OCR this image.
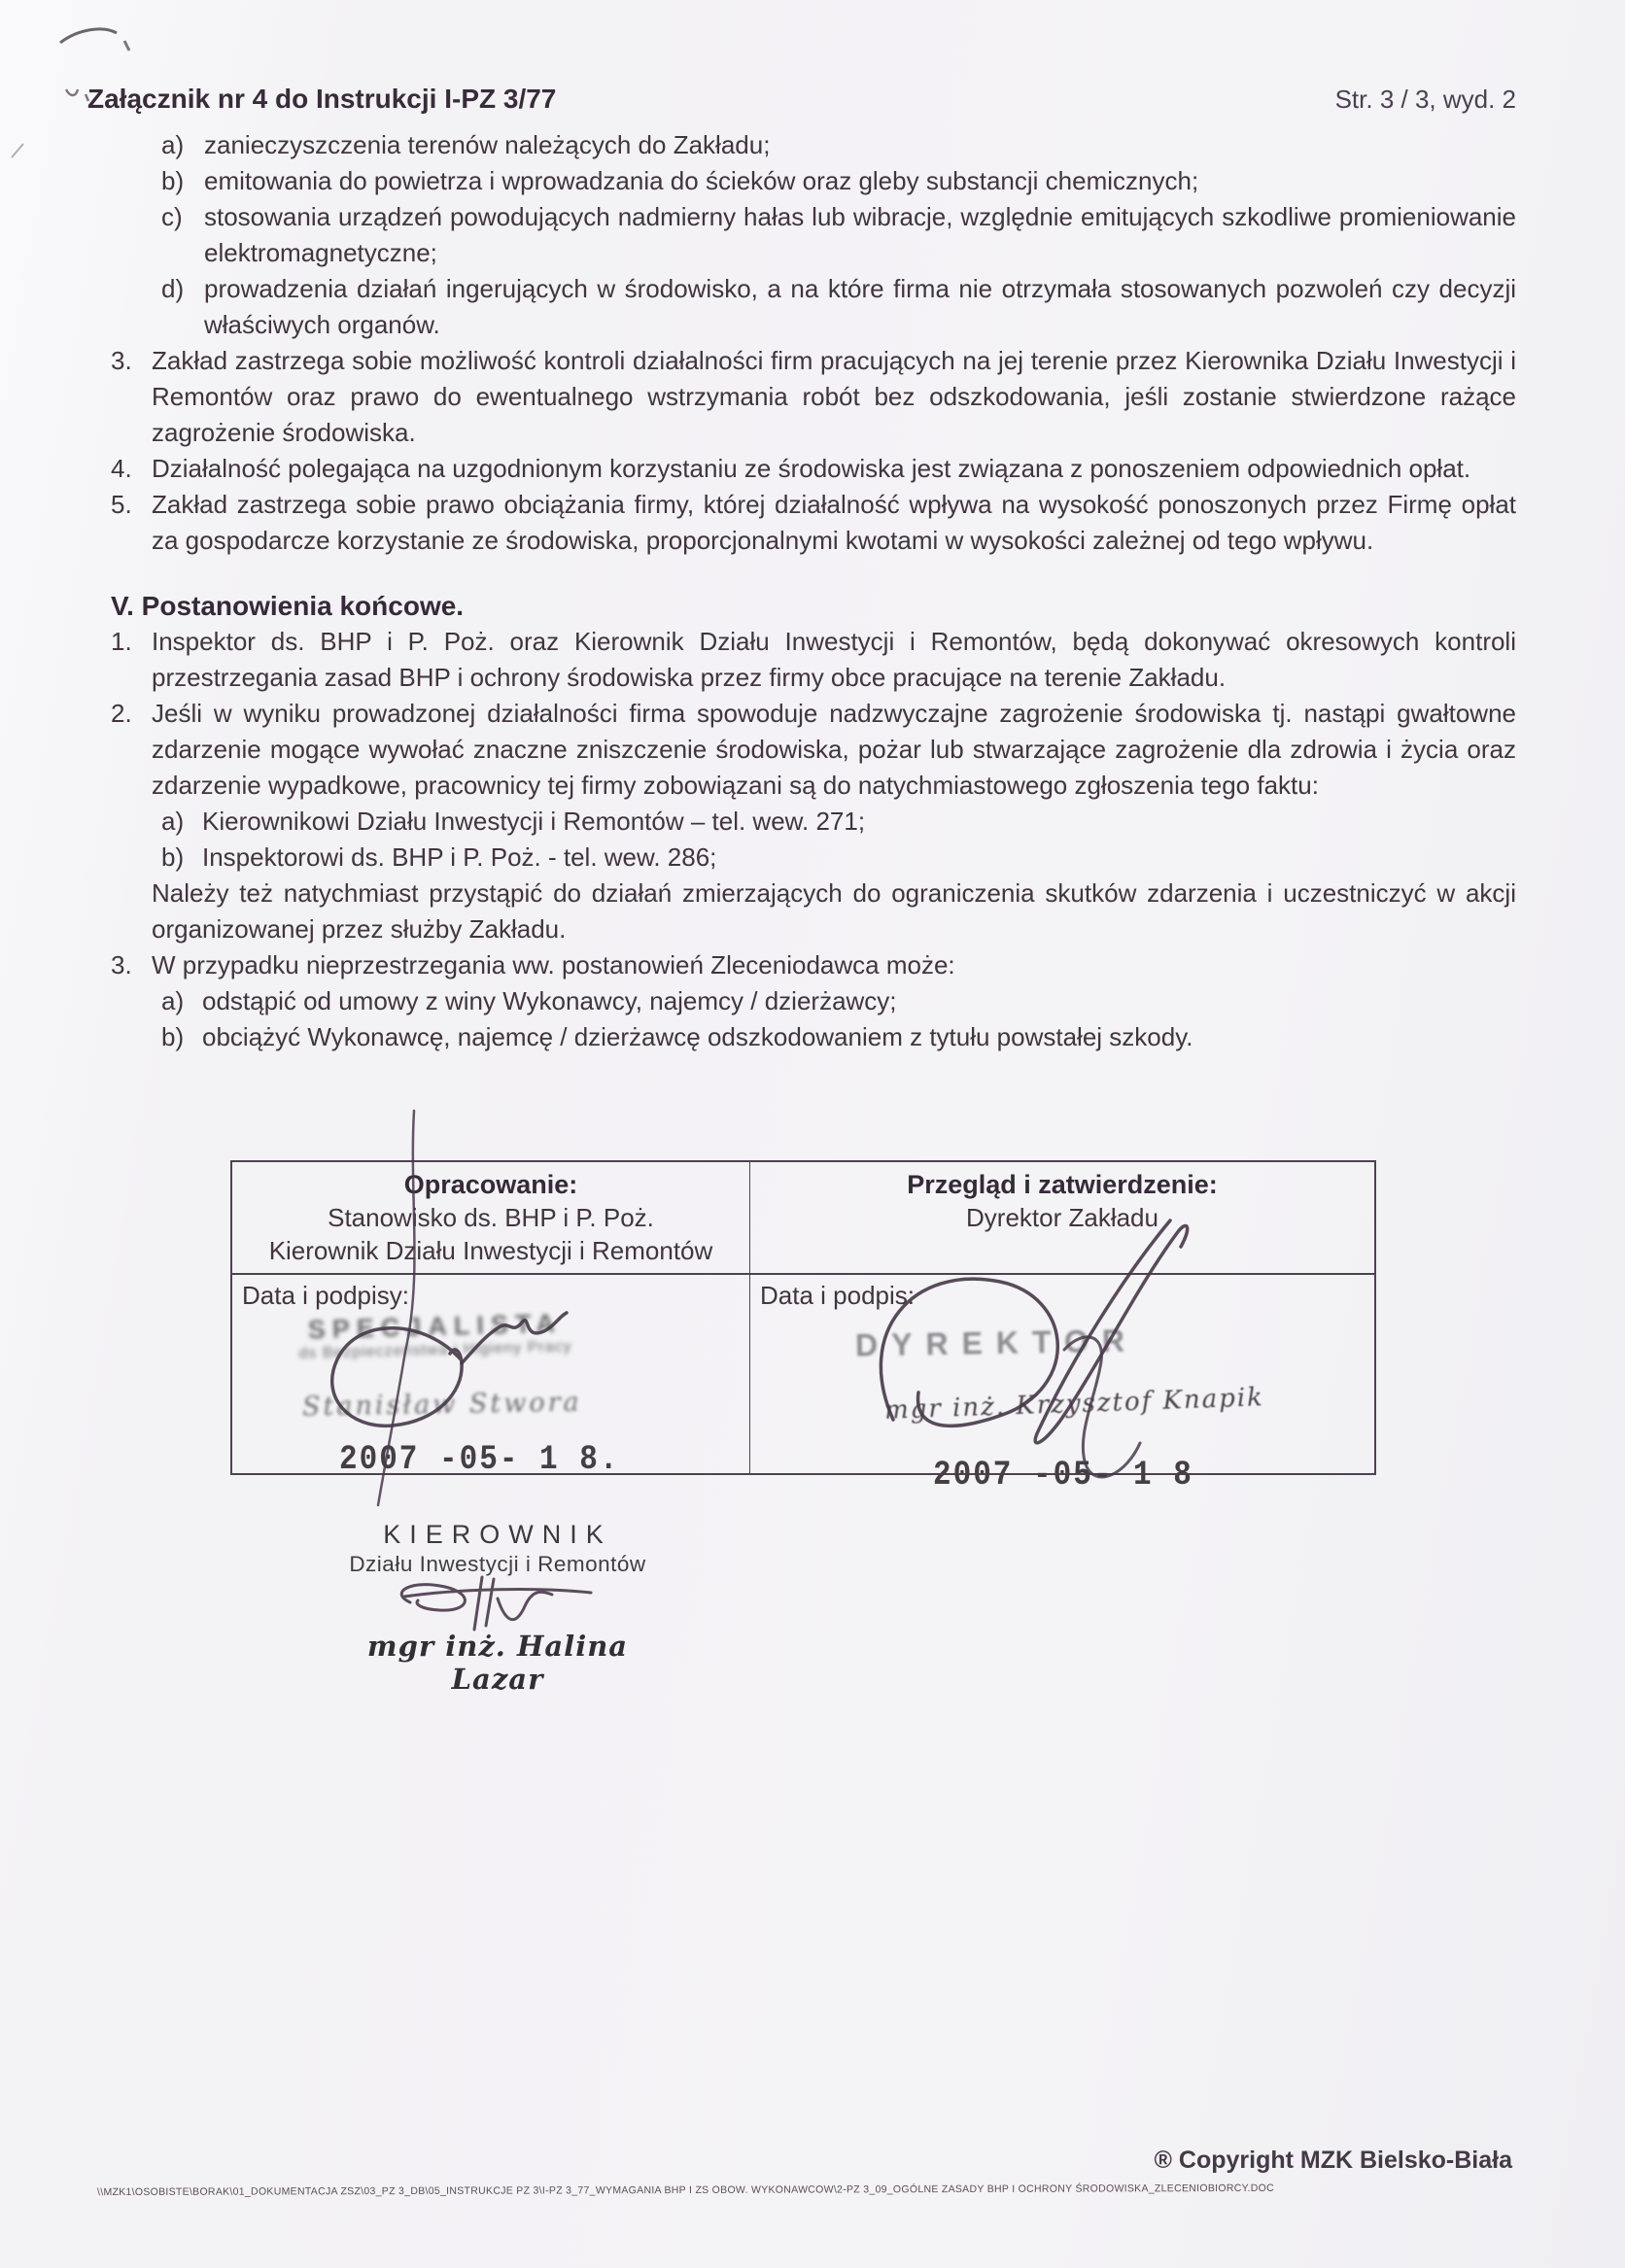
Załącznik nr 4 do Instrukcji I-PZ 3/77	Str. 3 / 3, wyd. 2
a) zanieczyszczenia terenów należących do Zakładu;
b) emitowania do powietrza i wprowadzania do ścieków oraz gleby substancji chemicznych;
c) stosowania urządzeń powodujących nadmierny hałas lub wibracje, względnie emitujących szkodliwe promieniowanie elektromagnetyczne;
d) prowadzenia działań ingerujących w środowisko, a na które firma nie otrzymała stosowanych pozwoleń czy decyzji właściwych organów.
3. Zakład zastrzega sobie możliwość kontroli działalności firm pracujących na jej terenie przez Kierownika Działu Inwestycji i Remontów oraz prawo do ewentualnego wstrzymania robót bez odszkodowania, jeśli zostanie stwierdzone rażące zagrożenie środowiska.
4. Działalność polegająca na uzgodnionym korzystaniu ze środowiska jest związana z ponoszeniem odpowiednich opłat.
5. Zakład zastrzega sobie prawo obciążania firmy, której działalność wpływa na wysokość ponoszonych przez Firmę opłat za gospodarcze korzystanie ze środowiska, proporcjonalnymi kwotami w wysokości zależnej od tego wpływu.
V. Postanowienia końcowe.
1. Inspektor ds. BHP i P. Poż. oraz Kierownik Działu Inwestycji i Remontów, będą dokonywać okresowych kontroli przestrzegania zasad BHP i ochrony środowiska przez firmy obce pracujące na terenie Zakładu.
2. Jeśli w wyniku prowadzonej działalności firma spowoduje nadzwyczajne zagrożenie środowiska tj. nastąpi gwałtowne zdarzenie mogące wywołać znaczne zniszczenie środowiska, pożar lub stwarzające zagrożenie dla zdrowia i życia oraz zdarzenie wypadkowe, pracownicy tej firmy zobowiązani są do natychmiastowego zgłoszenia tego faktu:
a) Kierownikowi Działu Inwestycji i Remontów – tel. wew. 271;
b) Inspektorowi ds. BHP i P. Poż. - tel. wew. 286;
Należy też natychmiast przystąpić do działań zmierzających do ograniczenia skutków zdarzenia i uczestniczyć w akcji organizowanej przez służby Zakładu.
3. W przypadku nieprzestrzegania ww. postanowień Zleceniodawca może:
a) odstąpić od umowy z winy Wykonawcy, najemcy / dzierżawcy;
b) obciążyć Wykonawcę, najemcę / dzierżawcę odszkodowaniem z tytułu powstałej szkody.
Opracowanie:
Stanowisko ds. BHP i P. Poż.
Kierownik Działu Inwestycji i Remontów
Przegląd i zatwierdzenie:
Dyrektor Zakładu
Data i podpisy:
SPECJALISTA
ds Bezpieczeństwa i Higieny Pracy
Stanisław Stwora
2007 -05- 1 8.
Data i podpis:
DYREKTOR
mgr inż. Krzysztof Knapik
2007 -05- 1 8
KIEROWNIK
Działu Inwestycji i Remontów
mgr inż. Halina Lazar
\\MZK1\OSOBISTE\BORAK\01_DOKUMENTACJA ZSZ\03_PZ 3_DB\05_INSTRUKCJE PZ 3\I-PZ 3_77_WYMAGANIA BHP I ZS OBOW. WYKONAWCOW\2-PZ 3_09_OGÓLNE ZASADY BHP I OCHRONY ŚRODOWISKA_ZLECENIOBIORCY.DOC
® Copyright MZK Bielsko-Biała
